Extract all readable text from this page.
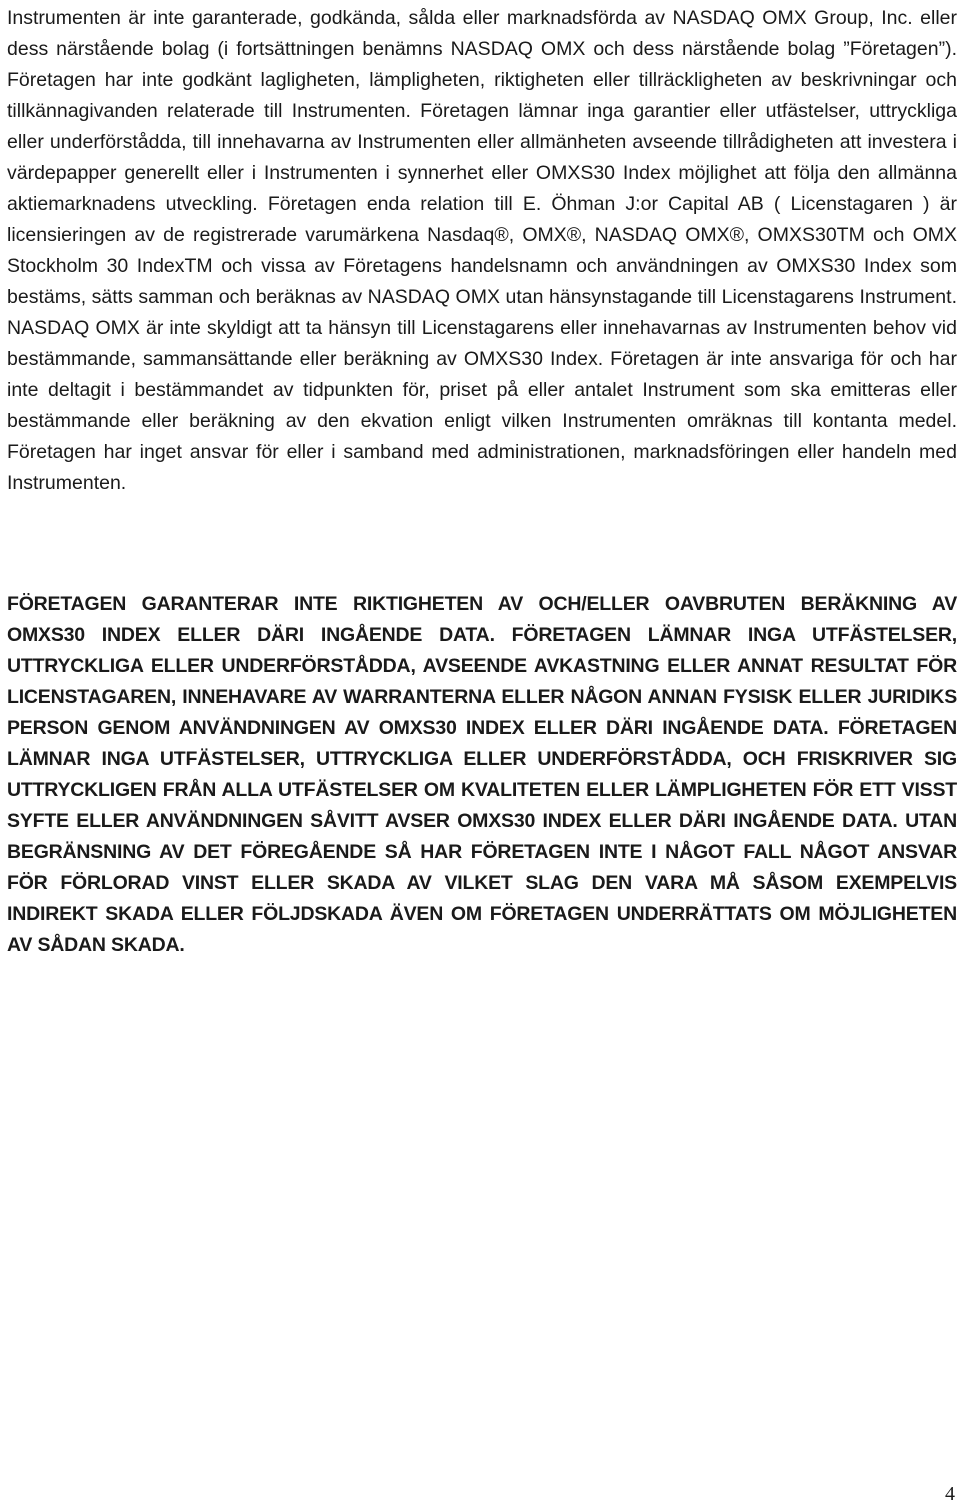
Instrumenten är inte garanterade, godkända, sålda eller marknadsförda av NASDAQ OMX Group, Inc. eller dess närstående bolag (i fortsättningen benämns NASDAQ OMX och dess närstående bolag ”Företagen”). Företagen har inte godkänt lagligheten, lämpligheten, riktigheten eller tillräckligheten av beskrivningar och tillkännagivanden relaterade till Instrumenten. Företagen lämnar inga garantier eller utfästelser, uttryckliga eller underförstådda, till innehavarna av Instrumenten eller allmänheten avseende tillrådigheten att investera i värdepapper generellt eller i Instrumenten i synnerhet eller OMXS30 Index möjlighet att följa den allmänna aktiemarknadens utveckling. Företagen enda relation till E. Öhman J:or Capital AB ( Licenstagaren ) är licensieringen av de registrerade varumärkena Nasdaq®, OMX®, NASDAQ OMX®, OMXS30TM och OMX Stockholm 30 IndexTM och vissa av Företagens handelsnamn och användningen av OMXS30 Index som bestäms, sätts samman och beräknas av NASDAQ OMX utan hänsynstagande till Licenstagarens Instrument. NASDAQ OMX är inte skyldigt att ta hänsyn till Licenstagarens eller innehavarnas av Instrumenten behov vid bestämmande, sammansättande eller beräkning av OMXS30 Index. Företagen är inte ansvariga för och har inte deltagit i bestämmandet av tidpunkten för, priset på eller antalet Instrument som ska emitteras eller bestämmande eller beräkning av den ekvation enligt vilken Instrumenten omräknas till kontanta medel. Företagen har inget ansvar för eller i samband med administrationen, marknadsföringen eller handeln med Instrumenten.

FÖRETAGEN GARANTERAR INTE RIKTIGHETEN AV OCH/ELLER OAVBRUTEN BERÄKNING AV OMXS30 INDEX ELLER DÄRI INGÅENDE DATA. FÖRETAGEN LÄMNAR INGA UTFÄSTELSER, UTTRYCKLIGA ELLER UNDERFÖRSTÅDDA, AVSEENDE AVKASTNING ELLER ANNAT RESULTAT FÖR LICENSTAGAREN, INNEHAVARE AV WARRANTERNA ELLER NÅGON ANNAN FYSISK ELLER JURIDIKS PERSON GENOM ANVÄNDNINGEN AV OMXS30 INDEX ELLER DÄRI INGÅENDE DATA. FÖRETAGEN LÄMNAR INGA UTFÄSTELSER, UTTRYCKLIGA ELLER UNDERFÖRSTÅDDA, OCH FRISKRIVER SIG UTTRYCKLIGEN FRÅN ALLA UTFÄSTELSER OM KVALITETEN ELLER LÄMPLIGHETEN FÖR ETT VISST SYFTE ELLER ANVÄNDNINGEN SÅVITT AVSER OMXS30 INDEX ELLER DÄRI INGÅENDE DATA. UTAN BEGRÄNSNING AV DET FÖREGÅENDE SÅ HAR FÖRETAGEN INTE I NÅGOT FALL NÅGOT ANSVAR FÖR FÖRLORAD VINST ELLER SKADA AV VILKET SLAG DEN VARA MÅ SÅSOM EXEMPELVIS INDIREKT SKADA ELLER FÖLJDSKADA ÄVEN OM FÖRETAGEN UNDERRÄTTATS OM MÖJLIGHETEN AV SÅDAN SKADA.

4
